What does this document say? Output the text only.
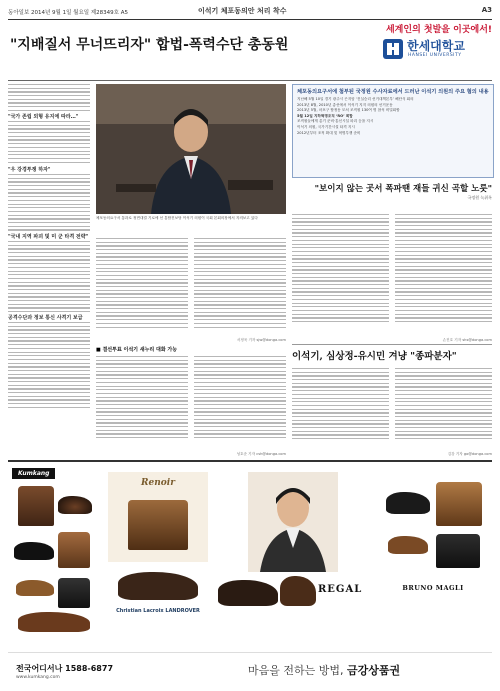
동아일보 2014년 9월 1일 월요일 제28349호 A5	이석기 체포동의안 처리 착수	A3
"지배질서 무너뜨리자" 합법-폭력수단 총동원
세계인의 첫발을 이곳에서!
한세대학교
HANSEI UNIVERSITY
"국가 존립 외형 유지에 따라…"
"우 강경투쟁 하자"
"국내 지역 파괴 및 미 군 타격 전략"
공격수단과 정보 통신 사격기 보급
체포동의요구서 통과로 정면대결 기로에 선 통합진보당 이석기 의원이 국회 본회의장에서 지켜보고 있다
체포동의요구서에 첨부된 국정원 수사자료에서 드러난 이석기 의원의 주요 혐의 내용
지난해 5월 10일 경기 광주시 곤지암 ‘진실승리 선거대책본부’ 해단식 회의
2013년 8월, 2010년 총선에서 이석기 지지 의원의 선거운동
2013년 5월, 마포구 합정동 모처 조직원 130여 명 참석 비밀회합
5월 12일 지하혁명조직 ‘RO’ 회합
조직원들에게 총기 준비·통신시설 파괴 등을 지시
이석기 의원, 국가기간시설 타격 지시
2012년부터 조직 확대 및 혁명투쟁 준비
"보이지 않는 곳서 폭파땐 재들 귀신 곡할 노릇"
국정원 녹취록
서정욱 기자 sjw@donga.com	손진호 기자 shs@donga.com
이석기, 심상정-유시민 겨냥 "종파분자"
■ 결선투표 이석기 새누리 대화 가능
성호준 기자 csh@donga.com	김강 기자 go@donga.com
Kumkang
Renoir
Christian Lacroix LANDROVER
REGAL	BRUNO MAGLI
전국어디서나 1588-6877
www.kumkang.com
마음을 전하는 방법, 금강상품권
